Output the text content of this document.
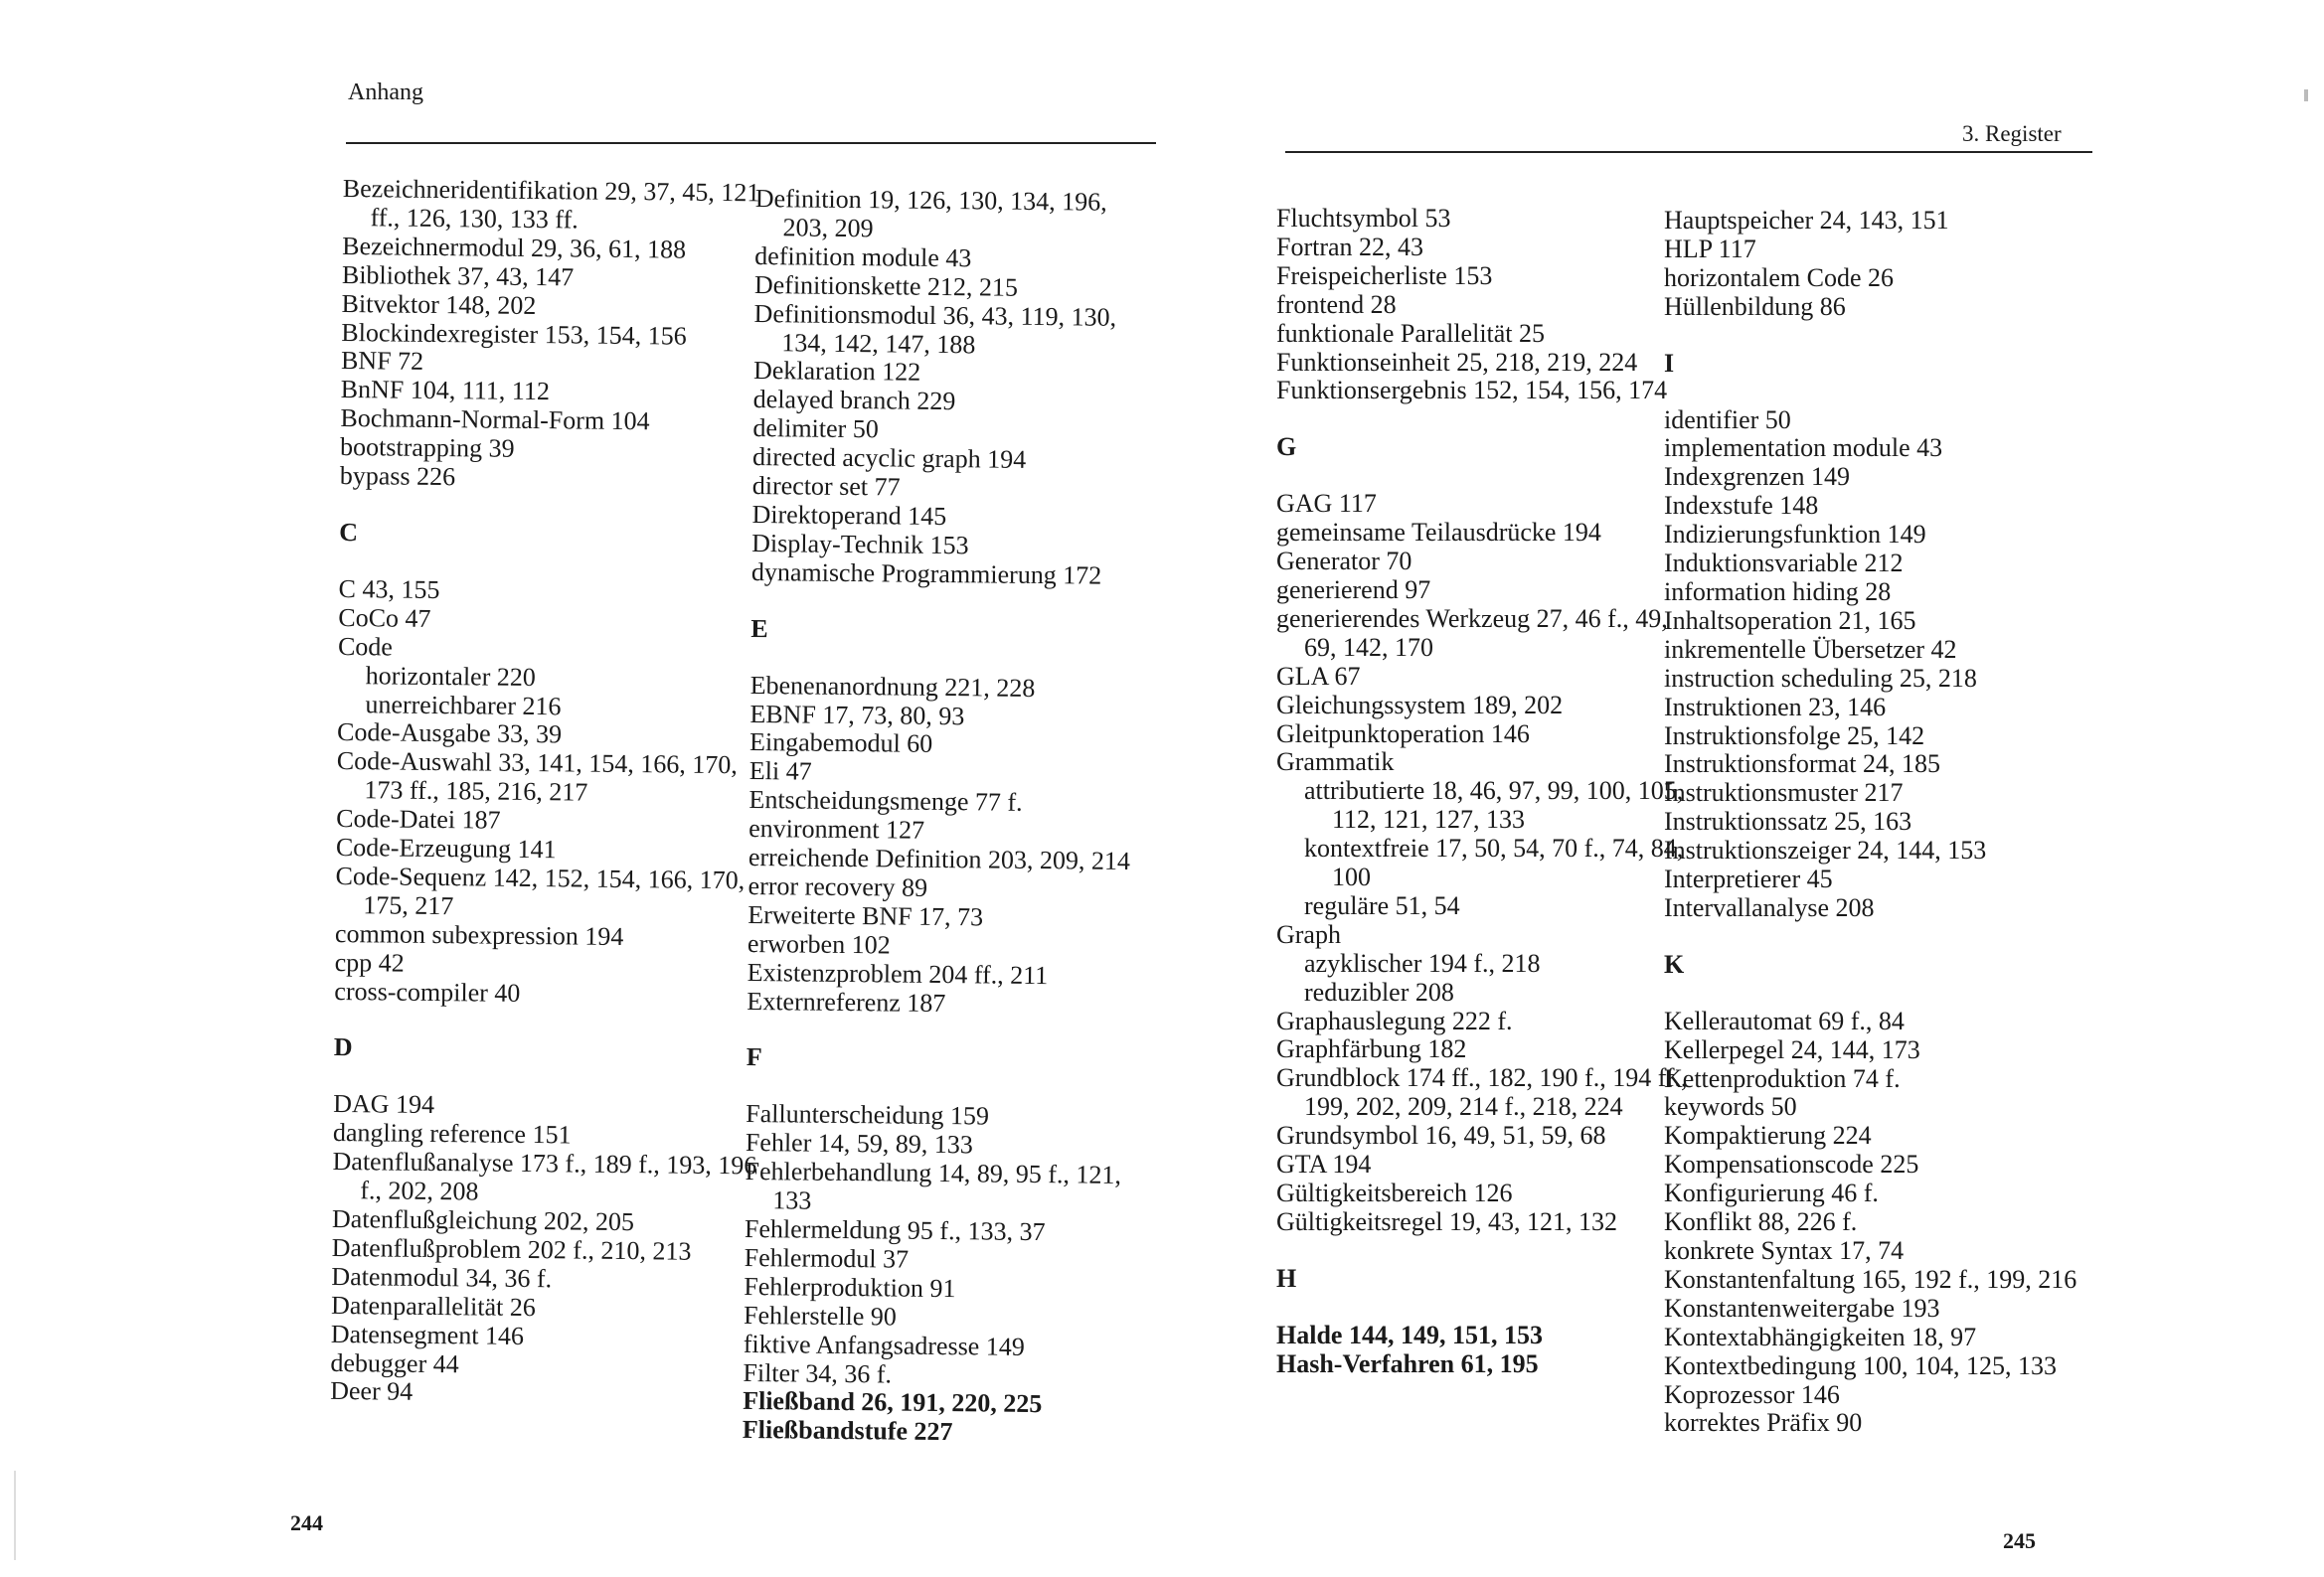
Anhang
Bezeichneridentifikation 29, 37, 45, 121 ff., 126, 130, 133 ff.
Bezeichnermodul 29, 36, 61, 188
Bibliothek 37, 43, 147
Bitvektor 148, 202
Blockindexregister 153, 154, 156
BNF 72
BnNF 104, 111, 112
Bochmann-Normal-Form 104
bootstrapping 39
bypass 226
C
C 43, 155
CoCo 47
Code
horizontaler 220
unerreichbarer 216
Code-Ausgabe 33, 39
Code-Auswahl 33, 141, 154, 166, 170, 173 ff., 185, 216, 217
Code-Datei 187
Code-Erzeugung 141
Code-Sequenz 142, 152, 154, 166, 170, 175, 217
common subexpression 194
cpp 42
cross-compiler 40
D
DAG 194
dangling reference 151
Datenflußanalyse 173 f., 189 f., 193, 196 f., 202, 208
Datenflußgleichung 202, 205
Datenflußproblem 202 f., 210, 213
Datenmodul 34, 36 f.
Datenparallelität 26
Datensegment 146
debugger 44
Deer 94
Definition 19, 126, 130, 134, 196, 203, 209
definition module 43
Definitionskette 212, 215
Definitionsmodul 36, 43, 119, 130, 134, 142, 147, 188
Deklaration 122
delayed branch 229
delimiter 50
directed acyclic graph 194
director set 77
Direktoperand 145
Display-Technik 153
dynamische Programmierung 172
E
Ebenenanordnung 221, 228
EBNF 17, 73, 80, 93
Eingabemodul 60
Eli 47
Entscheidungsmenge 77 f.
environment 127
erreichende Definition 203, 209, 214
error recovery 89
Erweiterte BNF 17, 73
erworben 102
Existenzproblem 204 ff., 211
Externreferenz 187
F
Fallunterscheidung 159
Fehler 14, 59, 89, 133
Fehlerbehandlung 14, 89, 95 f., 121, 133
Fehlermeldung 95 f., 133, 37
Fehlermodul 37
Fehlerproduktion 91
Fehlerstelle 90
fiktive Anfangsadresse 149
Filter 34, 36 f.
Fließband 26, 191, 220, 225
Fließbandstufe 227
244
3. Register
Fluchtsymbol 53
Fortran 22, 43
Freispeicherliste 153
frontend 28
funktionale Parallelität 25
Funktionseinheit 25, 218, 219, 224
Funktionsergebnis 152, 154, 156, 174
G
GAG 117
gemeinsame Teilausdrücke 194
Generator 70
generierend 97
generierendes Werkzeug 27, 46 f., 49, 69, 142, 170
GLA 67
Gleichungssystem 189, 202
Gleitpunktoperation 146
Grammatik
attributierte 18, 46, 97, 99, 100, 105, 112, 121, 127, 133
kontextfreie 17, 50, 54, 70 f., 74, 84, 100
reguläre 51, 54
Graph
azyklischer 194 f., 218
reduzibler 208
Graphauslegung 222 f.
Graphfärbung 182
Grundblock 174 ff., 182, 190 f., 194 ff., 199, 202, 209, 214 f., 218, 224
Grundsymbol 16, 49, 51, 59, 68
GTA 194
Gültigkeitsbereich 126
Gültigkeitsregel 19, 43, 121, 132
H
Halde 144, 149, 151, 153
Hash-Verfahren 61, 195
Hauptspeicher 24, 143, 151
HLP 117
horizontalem Code 26
Hüllenbildung 86
I
identifier 50
implementation module 43
Indexgrenzen 149
Indexstufe 148
Indizierungsfunktion 149
Induktionsvariable 212
information hiding 28
Inhaltsoperation 21, 165
inkrementelle Übersetzer 42
instruction scheduling 25, 218
Instruktionen 23, 146
Instruktionsfolge 25, 142
Instruktionsformat 24, 185
Instruktionsmuster 217
Instruktionssatz 25, 163
Instruktionszeiger 24, 144, 153
Interpretierer 45
Intervallanalyse 208
K
Kellerautomat 69 f., 84
Kellerpegel 24, 144, 173
Kettenproduktion 74 f.
keywords 50
Kompaktierung 224
Kompensationscode 225
Konfigurierung 46 f.
Konflikt 88, 226 f.
konkrete Syntax 17, 74
Konstantenfaltung 165, 192 f., 199, 216
Konstantenweitergabe 193
Kontextabhängigkeiten 18, 97
Kontextbedingung 100, 104, 125, 133
Koprozessor 146
korrektes Präfix 90
245
